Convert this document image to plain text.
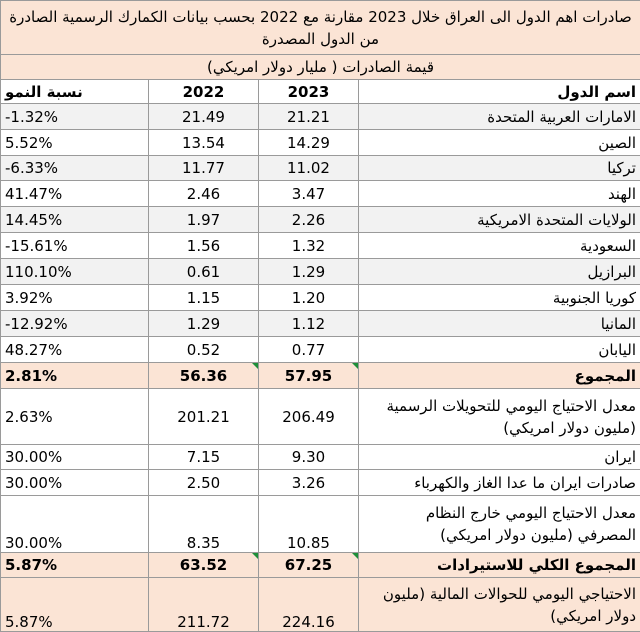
صادرات اهم الدول الى العراق خلال 2023 مقارنة مع 2022 بحسب بيانات الكمارك الرسمية الصادرة من الدول المصدرة			
قيمة الصادرات ( مليار دولار امريكي)			
اسم الدول	2023	2022	نسبة النمو
الامارات العربية المتحدة	21.21	21.49	-1.32%
الصين	14.29	13.54	5.52%
تركيا	11.02	11.77	-6.33%
الهند	3.47	2.46	41.47%
الولايات المتحدة الامريكية	2.26	1.97	14.45%
السعودية	1.32	1.56	-15.61%
البرازيل	1.29	0.61	110.10%
كوريا الجنوبية	1.20	1.15	3.92%
المانيا	1.12	1.29	-12.92%
اليابان	0.77	0.52	48.27%
المجموع	57.95	56.36	2.81%
معدل الاحتياج اليومي للتحويلات الرسمية (مليون دولار امريكي)	206.49	201.21	2.63%
ايران	9.30	7.15	30.00%
صادرات ايران ما عدا الغاز والكهرباء	3.26	2.50	30.00%
معدل الاحتياج اليومي خارج النظام المصرفي (مليون دولار امريكي)	10.85	8.35	30.00%
المجموع الكلي للاستيرادات	67.25	63.52	5.87%
الاحتياجي اليومي للحوالات المالية (مليون دولار امريكي)	224.16	211.72	5.87%
